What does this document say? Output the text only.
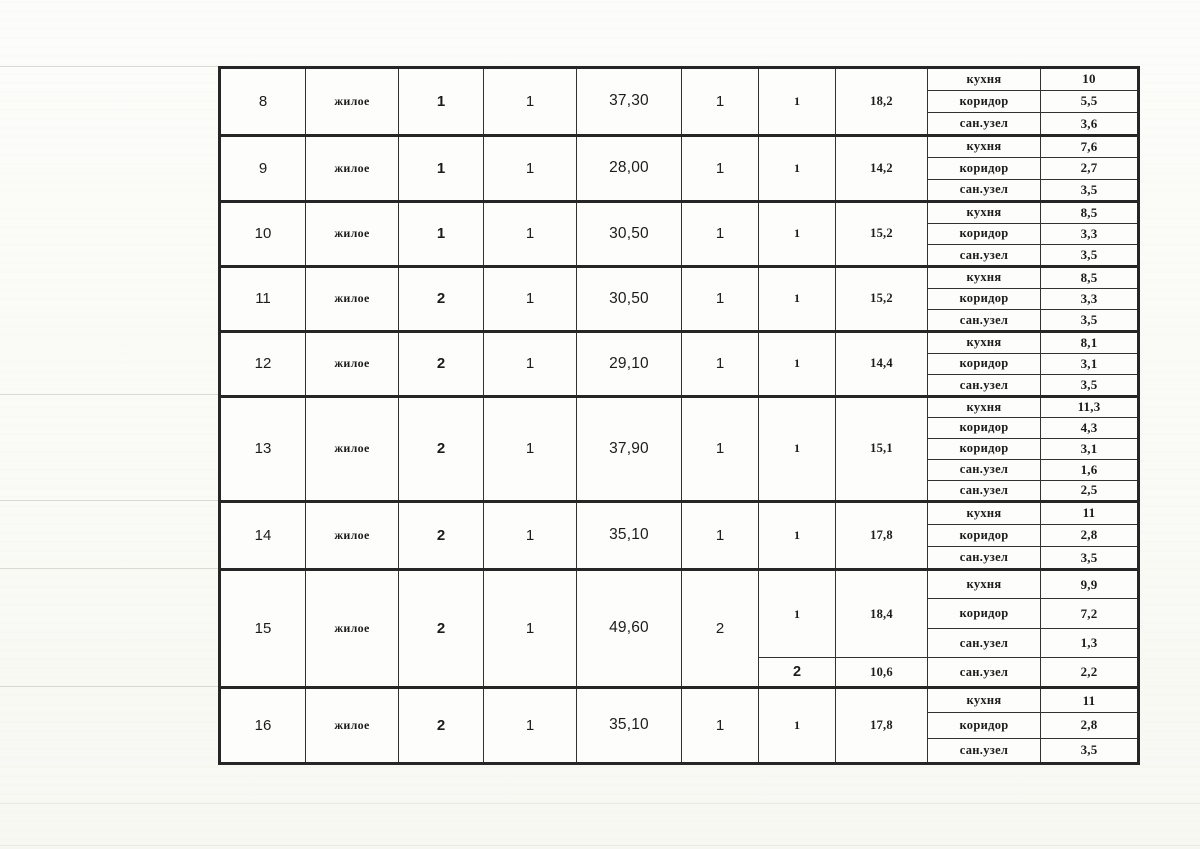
8	жилое	1	1	37,30	1	1	18,2	кухня	10
								коридор	5,5
								сан.узел	3,6
9	жилое	1	1	28,00	1	1	14,2	кухня	7,6
								коридор	2,7
								сан.узел	3,5
10	жилое	1	1	30,50	1	1	15,2	кухня	8,5
								коридор	3,3
								сан.узел	3,5
11	жилое	2	1	30,50	1	1	15,2	кухня	8,5
								коридор	3,3
								сан.узел	3,5
12	жилое	2	1	29,10	1	1	14,4	кухня	8,1
								коридор	3,1
								сан.узел	3,5
13	жилое	2	1	37,90	1	1	15,1	кухня	11,3
								коридор	4,3
								коридор	3,1
								сан.узел	1,6
								сан.узел	2,5
14	жилое	2	1	35,10	1	1	17,8	кухня	11
								коридор	2,8
								сан.узел	3,5
15	жилое	2	1	49,60	2	1	18,4	кухня	9,9
								коридор	7,2
								сан.узел	1,3
						2	10,6	сан.узел	2,2
16	жилое	2	1	35,10	1	1	17,8	кухня	11
								коридор	2,8
								сан.узел	3,5
